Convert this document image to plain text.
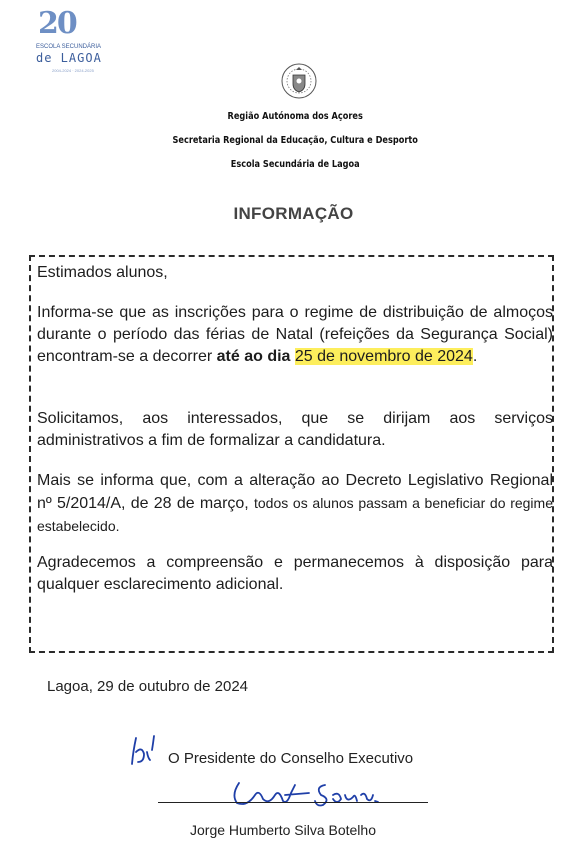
20
ESCOLA SECUNDÁRIA
de LAGOA
2004-2024 · 2024-2025
Região Autónoma dos Açores
Secretaria Regional da Educação, Cultura e Desporto
Escola Secundária de Lagoa
INFORMAÇÃO
Estimados alunos,
Informa-se que as inscrições para o regime de distribuição de almoços durante o período das férias de Natal (refeições da Segurança Social) encontram-se a decorrer até ao dia 25 de novembro de 2024.
Solicitamos, aos interessados, que se dirijam aos serviços administrativos a fim de formalizar a candidatura.
Mais se informa que, com a alteração ao Decreto Legislativo Regional nº 5/2014/A, de 28 de março, todos os alunos passam a beneficiar do regime estabelecido.
Agradecemos a compreensão e permanecemos à disposição para qualquer esclarecimento adicional.
Lagoa, 29 de outubro de 2024
O Presidente do Conselho Executivo
Jorge Humberto Silva Botelho
